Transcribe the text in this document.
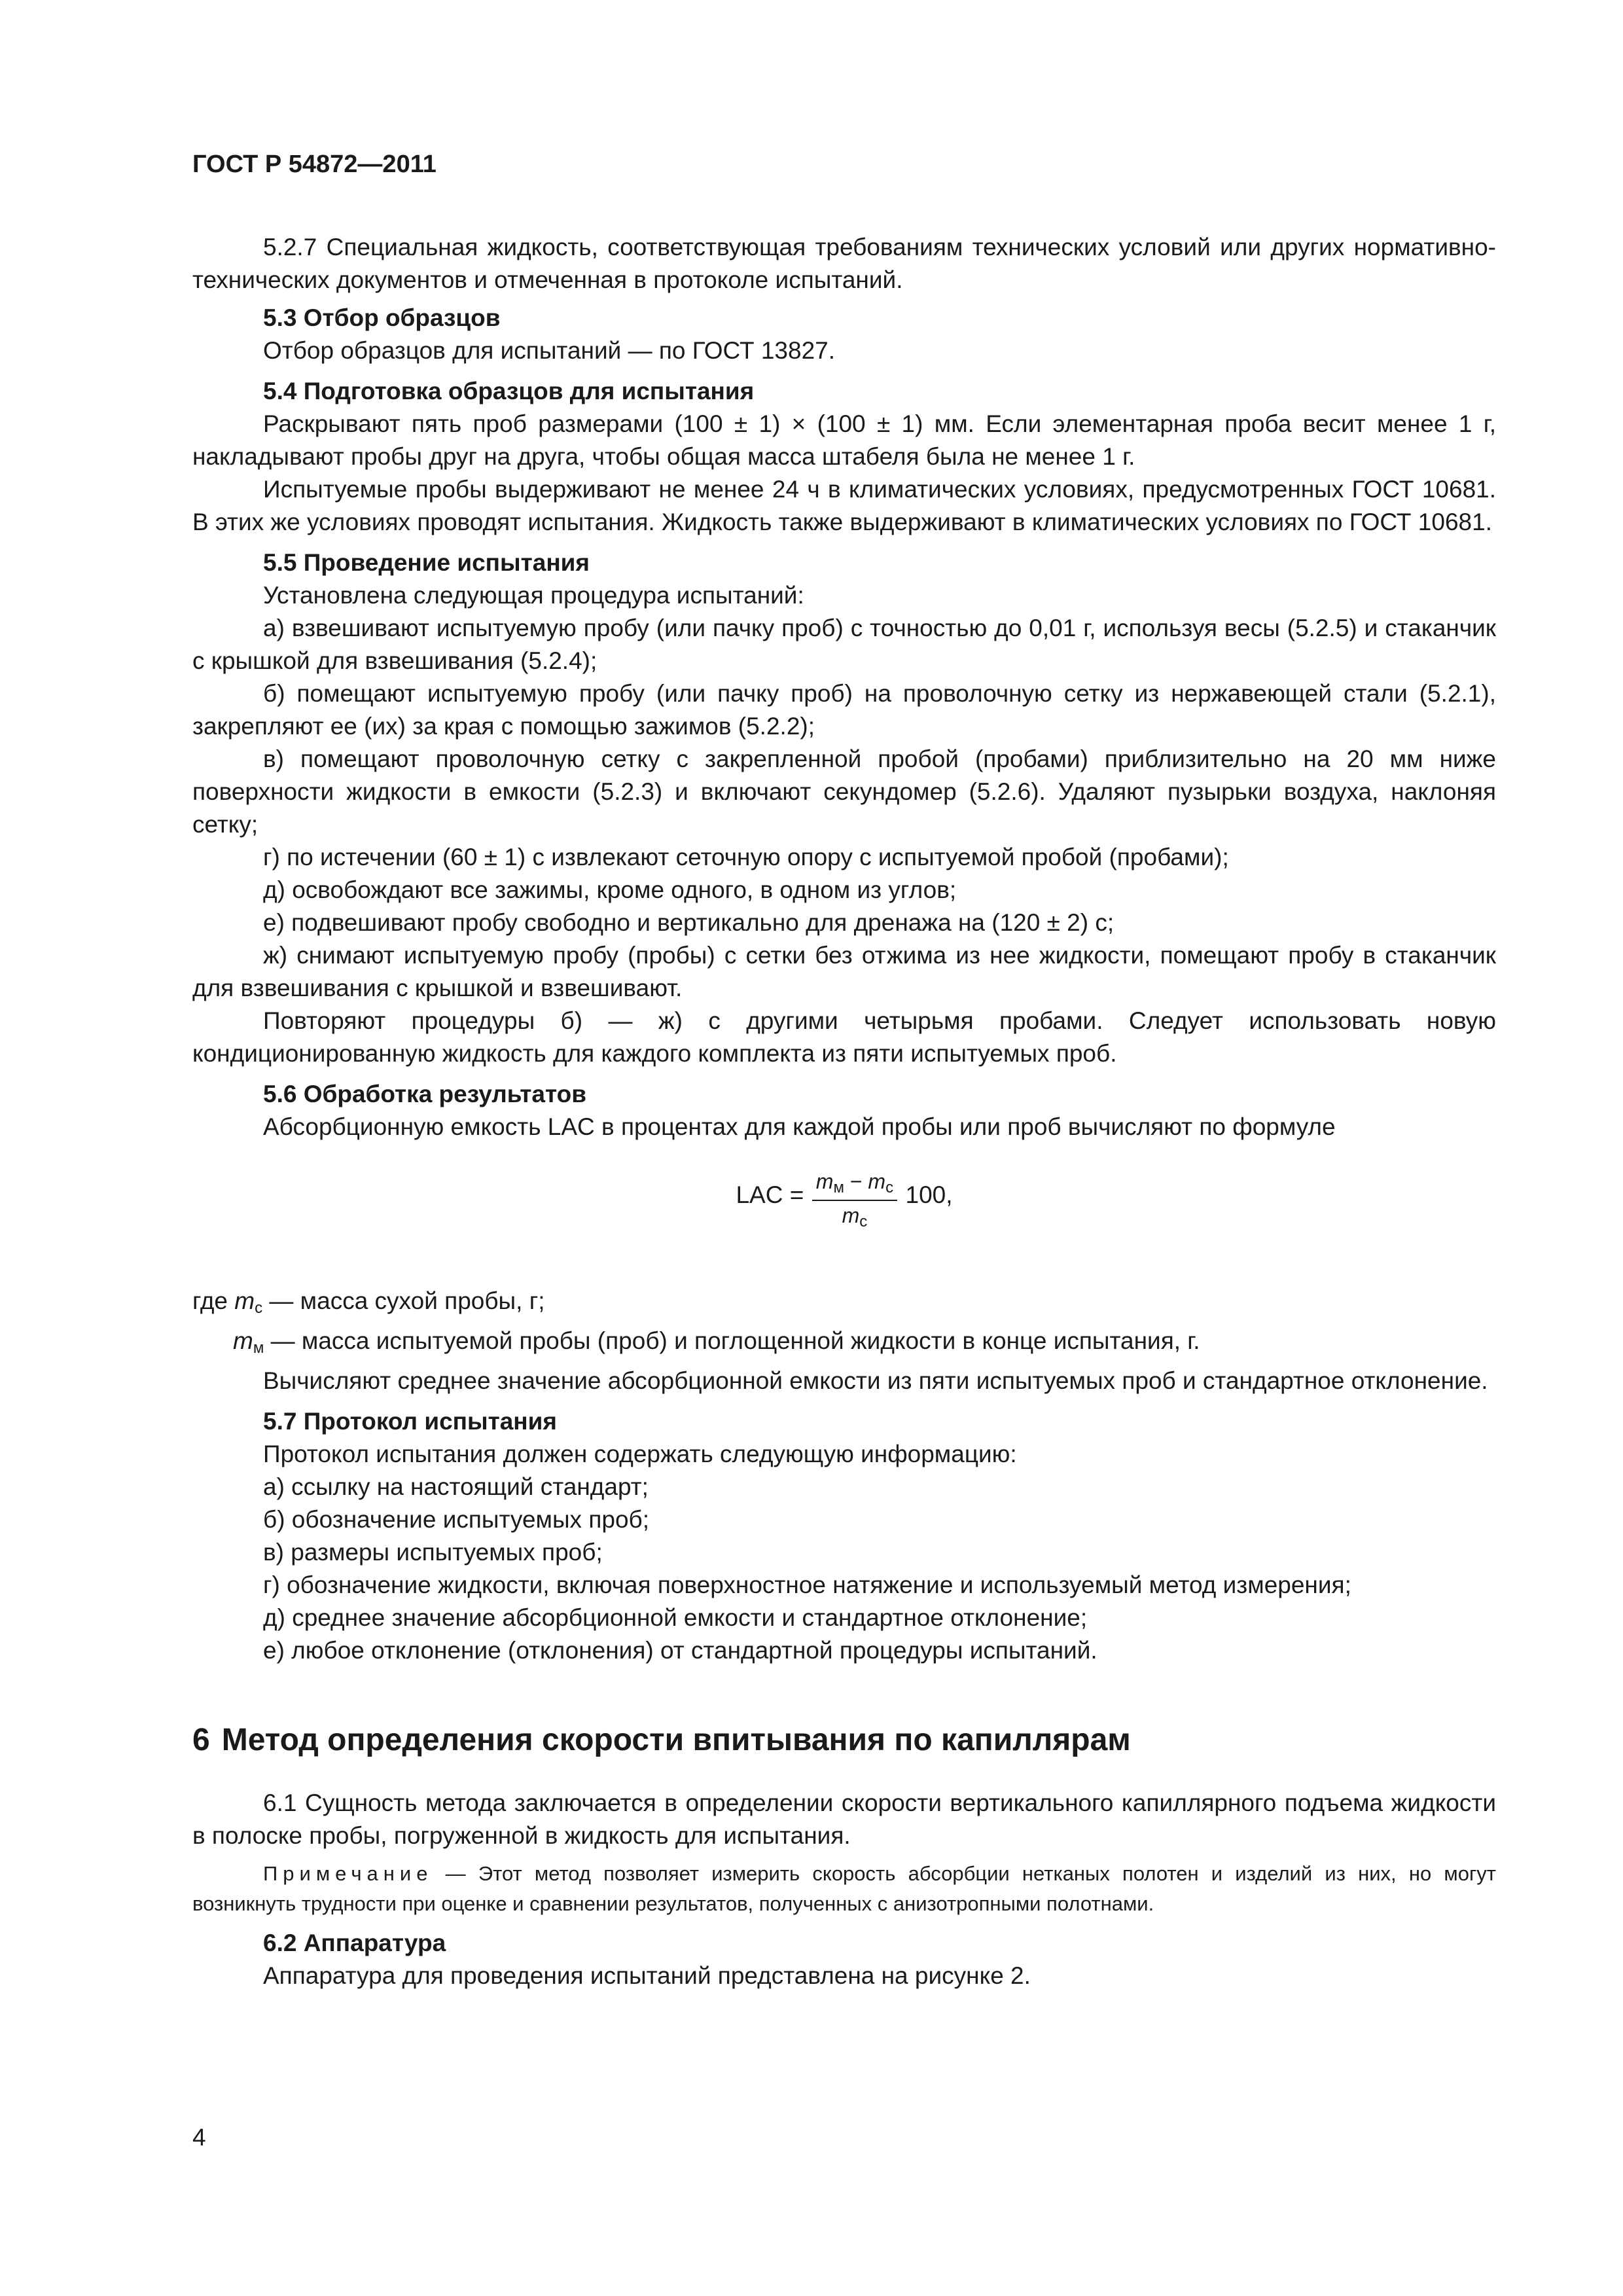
ГОСТ Р 54872—2011

5.2.7 Специальная жидкость, соответствующая требованиям технических условий или других нормативно-технических документов и отмеченная в протоколе испытаний.

5.3 Отбор образцов

Отбор образцов для испытаний — по ГОСТ 13827.

5.4 Подготовка образцов для испытания

Раскрывают пять проб размерами (100 ± 1) × (100 ± 1) мм. Если элементарная проба весит менее 1 г, накладывают пробы друг на друга, чтобы общая масса штабеля была не менее 1 г.

Испытуемые пробы выдерживают не менее 24 ч в климатических условиях, предусмотренных ГОСТ 10681. В этих же условиях проводят испытания. Жидкость также выдерживают в климатических условиях по ГОСТ 10681.

5.5 Проведение испытания

Установлена следующая процедура испытаний:

а) взвешивают испытуемую пробу (или пачку проб) с точностью до 0,01 г, используя весы (5.2.5) и стаканчик с крышкой для взвешивания (5.2.4);

б) помещают испытуемую пробу (или пачку проб) на проволочную сетку из нержавеющей стали (5.2.1), закрепляют ее (их) за края с помощью зажимов (5.2.2);

в) помещают проволочную сетку с закрепленной пробой (пробами) приблизительно на 20 мм ниже поверхности жидкости в емкости (5.2.3) и включают секундомер (5.2.6). Удаляют пузырьки воздуха, наклоняя сетку;

г) по истечении (60 ± 1) с извлекают сеточную опору с испытуемой пробой (пробами);

д) освобождают все зажимы, кроме одного, в одном из углов;

е) подвешивают пробу свободно и вертикально для дренажа на (120 ± 2) с;

ж) снимают испытуемую пробу (пробы) с сетки без отжима из нее жидкости, помещают пробу в стаканчик для взвешивания с крышкой и взвешивают.

Повторяют процедуры б) — ж) с другими четырьмя пробами. Следует использовать новую кондиционированную жидкость для каждого комплекта из пяти испытуемых проб.

5.6 Обработка результатов

Абсорбционную емкость LAC в процентах для каждой пробы или проб вычисляют по формуле

LAC = $\frac{m_м - m_с}{m_с} 100$,

где $m_с$ — масса сухой пробы, г;

$m_м$ — масса испытуемой пробы (проб) и поглощенной жидкости в конце испытания, г.

Вычисляют среднее значение абсорбционной емкости из пяти испытуемых проб и стандартное отклонение.

5.7 Протокол испытания

Протокол испытания должен содержать следующую информацию:

а) ссылку на настоящий стандарт;

б) обозначение испытуемых проб;

в) размеры испытуемых проб;

г) обозначение жидкости, включая поверхностное натяжение и используемый метод измерения;

д) среднее значение абсорбционной емкости и стандартное отклонение;

е) любое отклонение (отклонения) от стандартной процедуры испытаний.

6 Метод определения скорости впитывания по капиллярам

6.1 Сущность метода заключается в определении скорости вертикального капиллярного подъема жидкости в полоске пробы, погруженной в жидкость для испытания.

Примечание — Этот метод позволяет измерить скорость абсорбции нетканых полотен и изделий из них, но могут возникнуть трудности при оценке и сравнении результатов, полученных с анизотропными полотнами.

6.2 Аппаратура

Аппаратура для проведения испытаний представлена на рисунке 2.

4
